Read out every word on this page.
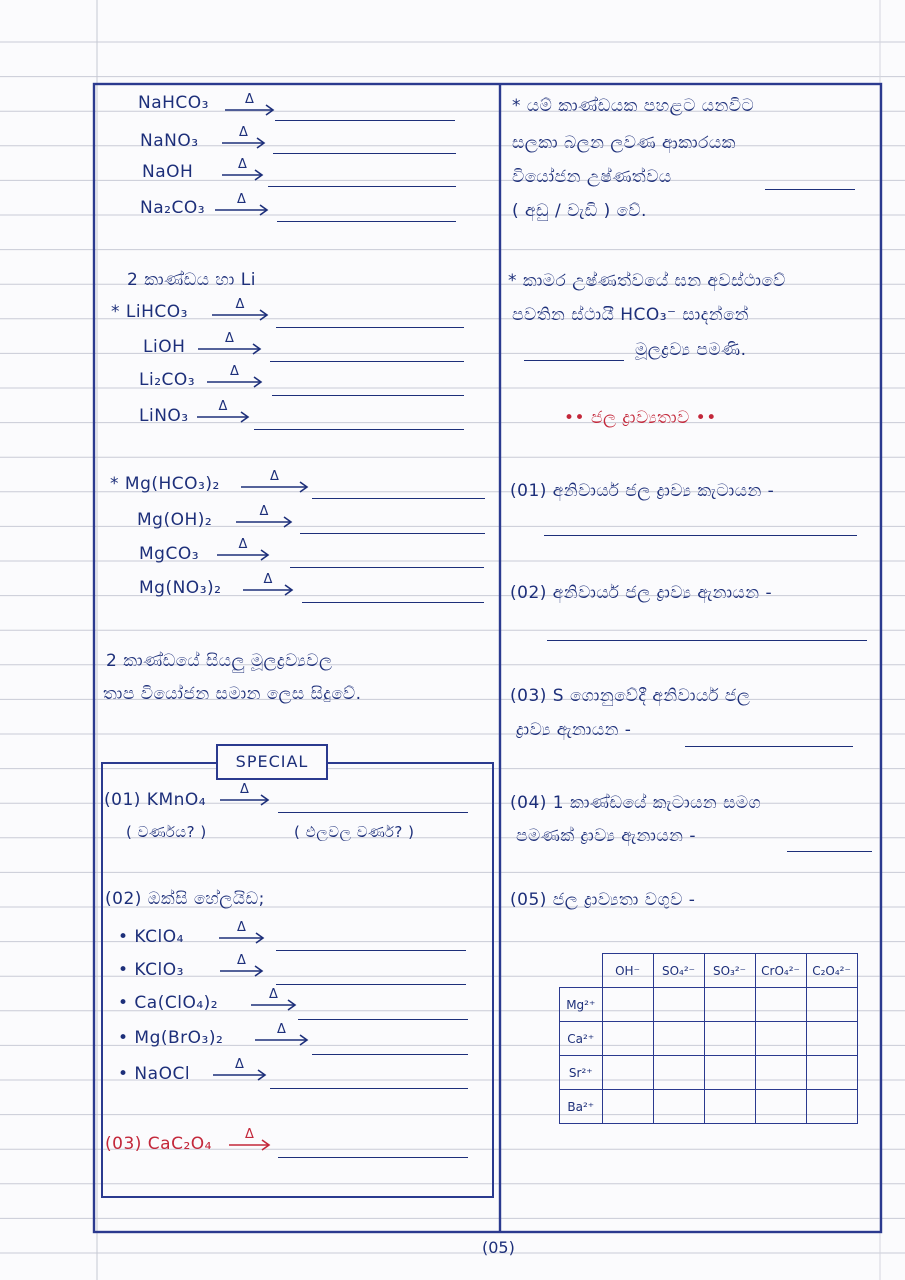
NaHCO₃
NaNO₃
NaOH
Na₂CO₃
2 කාණ්ඩය හා Li
* LiHCO₃
LiOH
Li₂CO₃
LiNO₃
* Mg(HCO₃)₂
Mg(OH)₂
MgCO₃
Mg(NO₃)₂
2 කාණ්ඩයේ සියලු මූලද්‍රව්‍යවල
තාප වියෝජන සමාන ලෙස සිදුවේ.
SPECIAL
(01) KMnO₄
( වර්ණය? )	( ඵලවල වර්ණ? )
(02) ඔක්සි හේලයිඩ;
• KClO₄
• KClO₃
• Ca(ClO₄)₂
• Mg(BrO₃)₂
• NaOCl
(03) CaC₂O₄
Δ
Δ
Δ
Δ
Δ
Δ
Δ
Δ
Δ
Δ
Δ
Δ
Δ
Δ
Δ
Δ
Δ
Δ
Δ
* යම් කාණ්ඩයක පහළට යනවිට
සලකා බලන ලවණ ආකාරයක
වියෝජන උෂ්ණත්වය
( අඩු / වැඩි ) වේ.
* කාමර උෂ්ණත්වයේ ඝන අවස්ථාවේ
පවතින ස්ථායී HCO₃⁻ සාදන්නේ
මූලද්‍රව්‍ය පමණි.
•• ජල ද්‍රාව්‍යතාව ••
(01) අනිවාර්ය ජල ද්‍රාව්‍ය කැටායන -
(02) අනිවාර්ය ජල ද්‍රාව්‍ය ඇනායන -
(03) S ගොනුවේදී අනිවාර්ය ජල
ද්‍රාව්‍ය ඇනායන -
(04) 1 කාණ්ඩයේ කැටායන සමග
පමණක් ද්‍රාව්‍ය ඇනායන -
(05) ජල ද්‍රාව්‍යතා වගුව -
	OH⁻	SO₄²⁻	SO₃²⁻	CrO₄²⁻	C₂O₄²⁻
Mg²⁺					
Ca²⁺					
Sr²⁺					
Ba²⁺					
(05)
